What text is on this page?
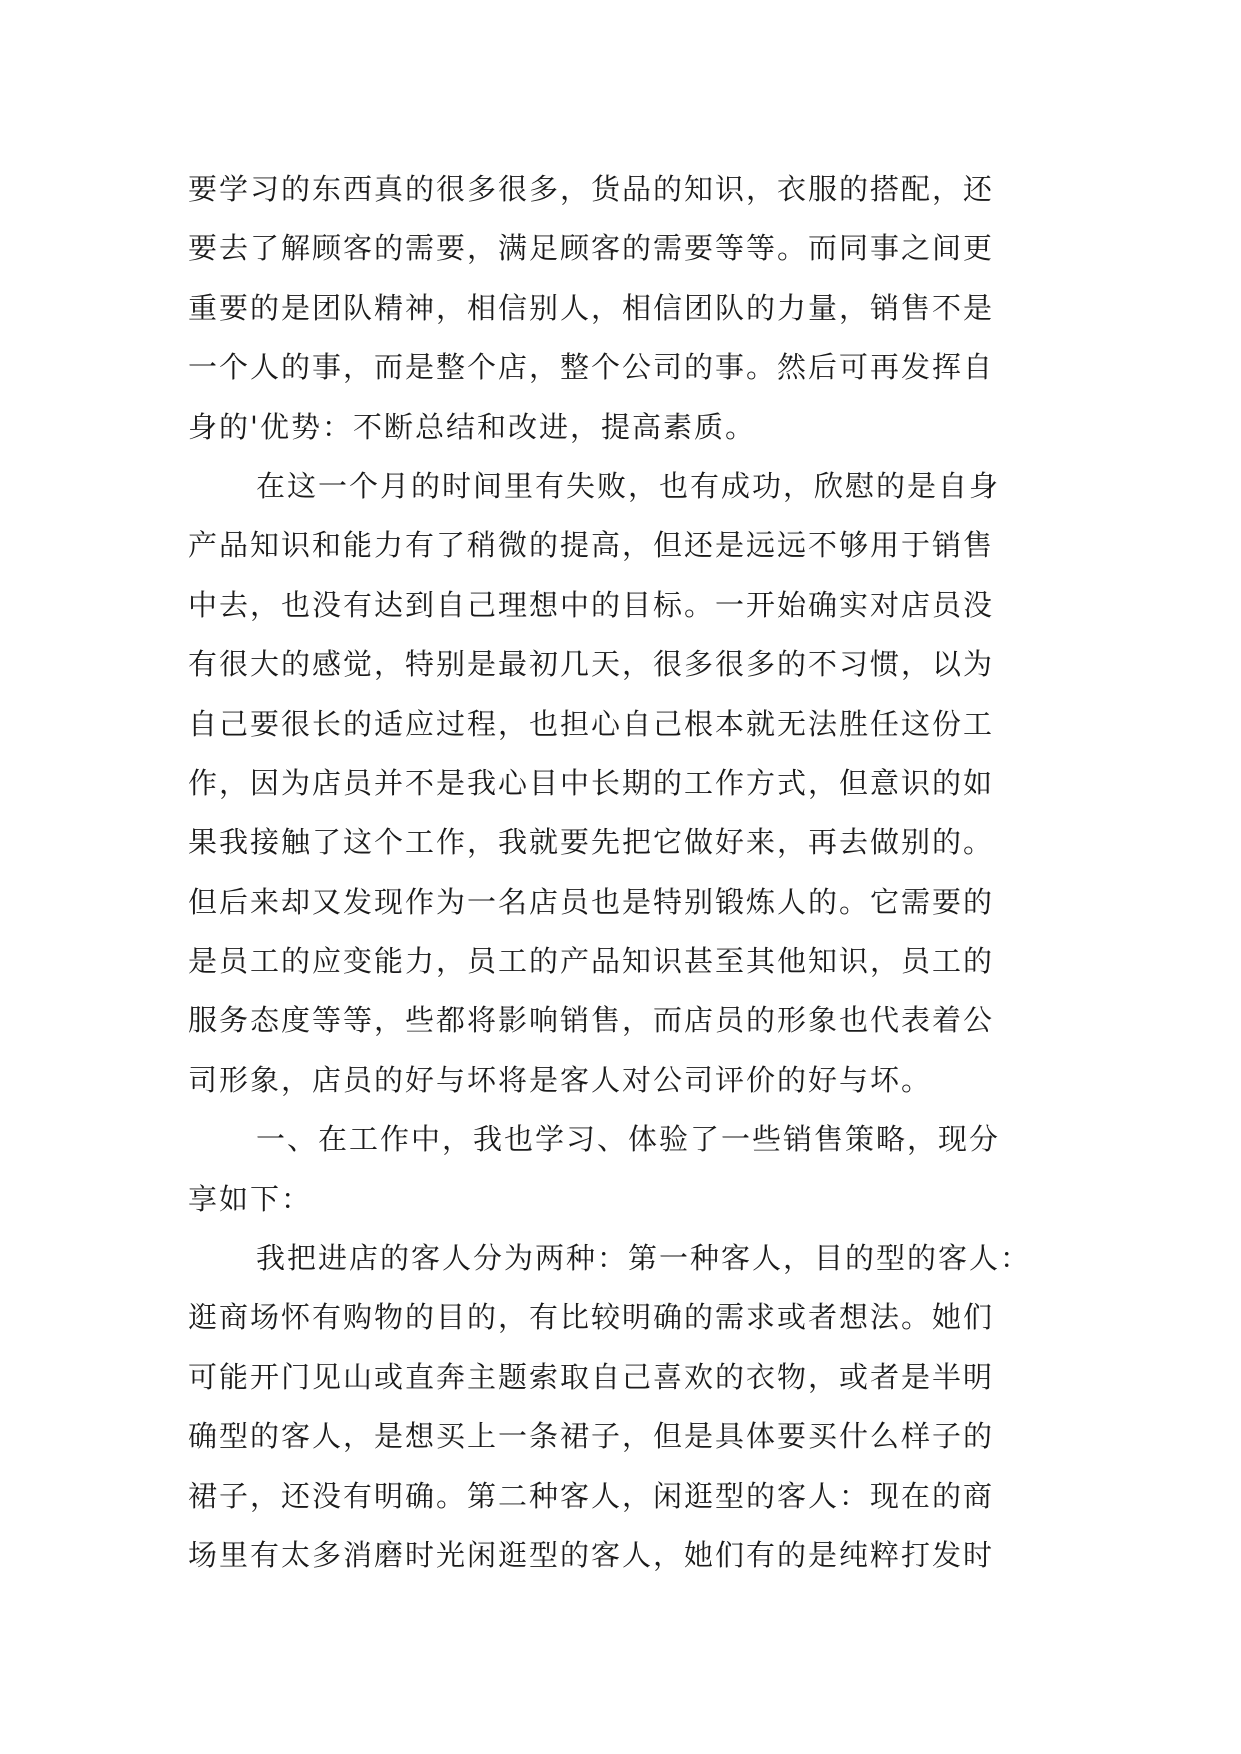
要学习的东西真的很多很多，货品的知识，衣服的搭配，还
要去了解顾客的需要，满足顾客的需要等等。而同事之间更
重要的是团队精神，相信别人，相信团队的力量，销售不是
一个人的事，而是整个店，整个公司的事。然后可再发挥自
身的'优势：不断总结和改进，提高素质。
在这一个月的时间里有失败，也有成功，欣慰的是自身
产品知识和能力有了稍微的提高，但还是远远不够用于销售
中去，也没有达到自己理想中的目标。一开始确实对店员没
有很大的感觉，特别是最初几天，很多很多的不习惯，以为
自己要很长的适应过程，也担心自己根本就无法胜任这份工
作，因为店员并不是我心目中长期的工作方式，但意识的如
果我接触了这个工作，我就要先把它做好来，再去做别的。
但后来却又发现作为一名店员也是特别锻炼人的。它需要的
是员工的应变能力，员工的产品知识甚至其他知识，员工的
服务态度等等，些都将影响销售，而店员的形象也代表着公
司形象，店员的好与坏将是客人对公司评价的好与坏。
一、在工作中，我也学习、体验了一些销售策略，现分
享如下：
我把进店的客人分为两种：第一种客人，目的型的客人：
逛商场怀有购物的目的，有比较明确的需求或者想法。她们
可能开门见山或直奔主题索取自己喜欢的衣物，或者是半明
确型的客人，是想买上一条裙子，但是具体要买什么样子的
裙子，还没有明确。第二种客人，闲逛型的客人：现在的商
场里有太多消磨时光闲逛型的客人，她们有的是纯粹打发时
